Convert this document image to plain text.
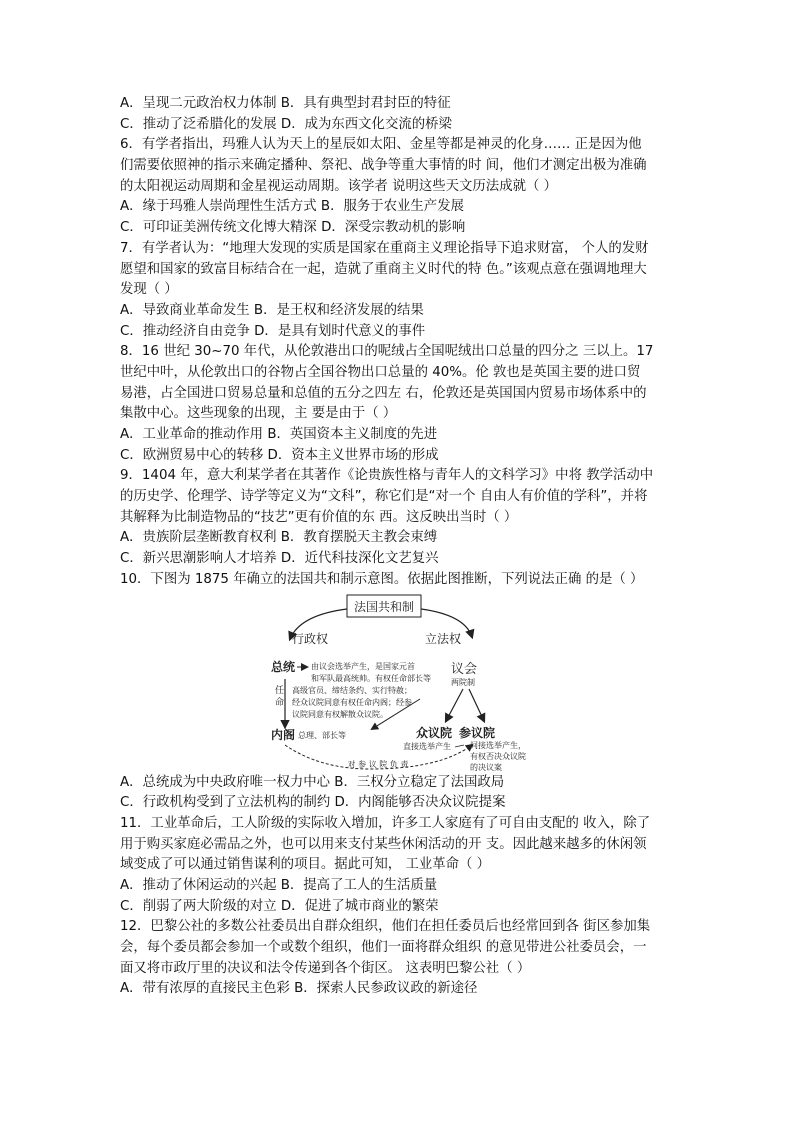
A．呈现二元政治权力体制 B．具有典型封君封臣的特征
C．推动了泛希腊化的发展 D．成为东西文化交流的桥梁
6．有学者指出，玛雅人认为天上的星辰如太阳、金星等都是神灵的化身…… 正是因为他
们需要依照神的指示来确定播种、祭祀、战争等重大事情的时 间，他们才测定出极为准确
的太阳视运动周期和金星视运动周期。该学者 说明这些天文历法成就（ ）
A．缘于玛雅人崇尚理性生活方式 B．服务于农业生产发展
C．可印证美洲传统文化博大精深 D．深受宗教动机的影响
7．有学者认为：“地理大发现的实质是国家在重商主义理论指导下追求财富， 个人的发财
愿望和国家的致富目标结合在一起，造就了重商主义时代的特 色。”该观点意在强调地理大
发现（ ）
A．导致商业革命发生 B．是王权和经济发展的结果
C．推动经济自由竞争 D．是具有划时代意义的事件
8．16 世纪 30~70 年代，从伦敦港出口的呢绒占全国呢绒出口总量的四分之 三以上。17
世纪中叶，从伦敦出口的谷物占全国谷物出口总量的 40%。伦 敦也是英国主要的进口贸
易港，占全国进口贸易总量和总值的五分之四左 右，伦敦还是英国国内贸易市场体系中的
集散中心。这些现象的出现，主 要是由于（ ）
A．工业革命的推动作用 B．英国资本主义制度的先进
C．欧洲贸易中心的转移 D．资本主义世界市场的形成
9．1404 年，意大利某学者在其著作《论贵族性格与青年人的文科学习》中将 教学活动中
的历史学、伦理学、诗学等定义为“文科”，称它们是“对一个 自由人有价值的学科”，并将
其解释为比制造物品的“技艺”更有价值的东 西。这反映出当时（ ）
A．贵族阶层垄断教育权利 B．教育摆脱天主教会束缚
C．新兴思潮影响人才培养 D．近代科技深化文艺复兴
10．下图为 1875 年确立的法国共和制示意图。依据此图推断，下列说法正确 的是（ ）
法国共和制
行政权	立法权
总统 由议会选举产生，是国家元首
和军队最高统帅。有权任命部长等
高级官员、缔结条约、实行特赦；
经众议院同意有权任命内阁；经参
议院同意有权解散众议院。
任
命
内阁 总理、部长等
议会
两院制
众议院 参议院
直接选举产生 间接选举产生，
有权否决众议院
的决议案
对 参 议 院 负 责
A．总统成为中央政府唯一权力中心 B．三权分立稳定了法国政局
C．行政机构受到了立法机构的制约 D．内阁能够否决众议院提案
11．工业革命后，工人阶级的实际收入增加，许多工人家庭有了可自由支配的 收入，除了
用于购买家庭必需品之外，也可以用来支付某些休闲活动的开 支。因此越来越多的休闲领
域变成了可以通过销售谋利的项目。据此可知， 工业革命（ ）
A．推动了休闲运动的兴起 B．提高了工人的生活质量
C．削弱了两大阶级的对立 D．促进了城市商业的繁荣
12．巴黎公社的多数公社委员出自群众组织，他们在担任委员后也经常回到各 街区参加集
会，每个委员都会参加一个或数个组织，他们一面将群众组织 的意见带进公社委员会，一
面又将市政厅里的决议和法令传递到各个街区。 这表明巴黎公社（ ）
A．带有浓厚的直接民主色彩 B．探索人民参政议政的新途径
